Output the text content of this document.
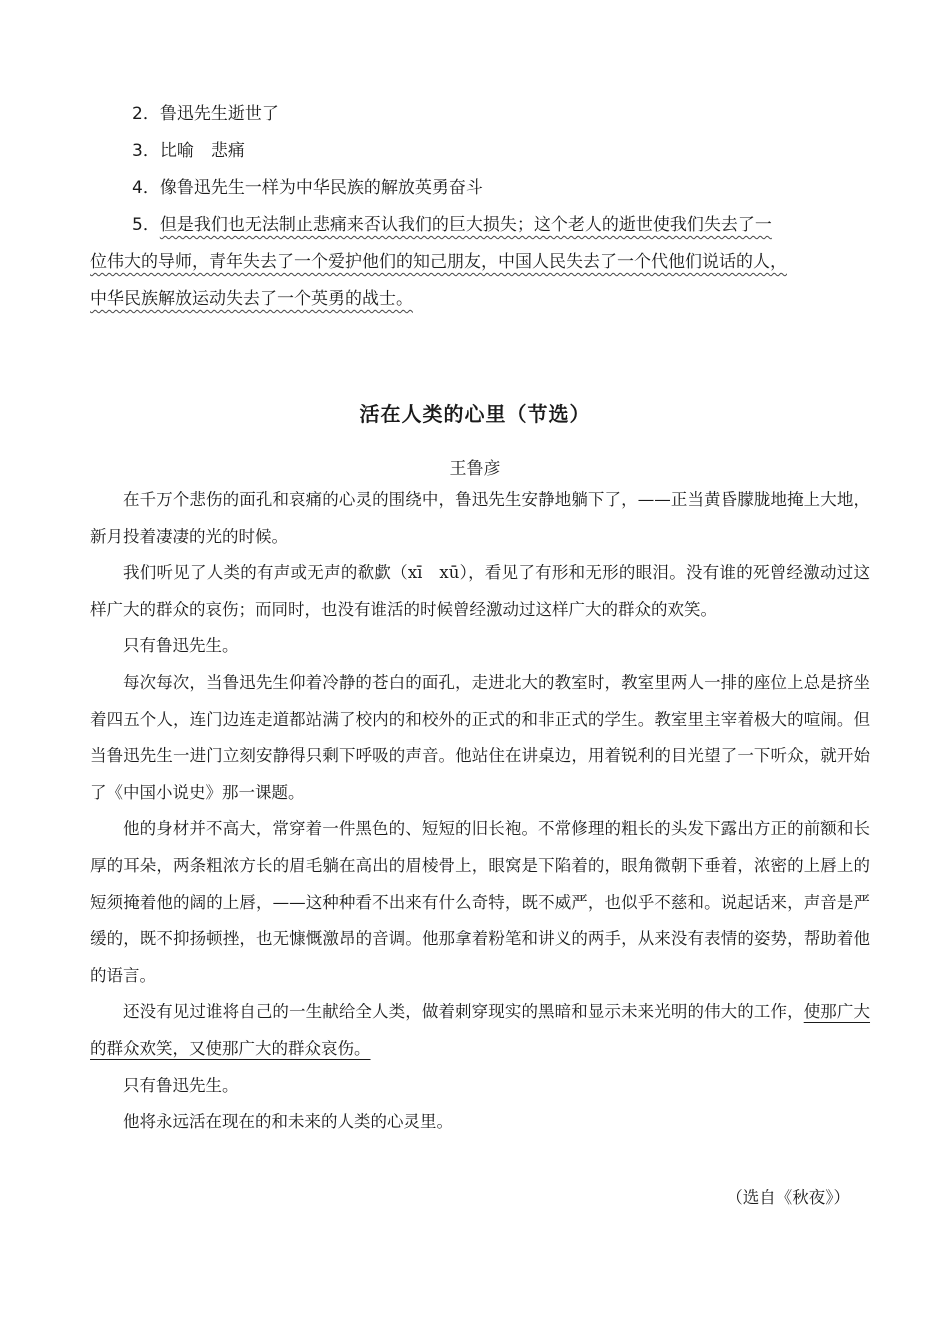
2．鲁迅先生逝世了
3．比喻　悲痛
4．像鲁迅先生一样为中华民族的解放英勇奋斗
5．但是我们也无法制止悲痛来否认我们的巨大损失；这个老人的逝世使我们失去了一
位伟大的导师，青年失去了一个爱护他们的知己朋友，中国人民失去了一个代他们说话的人，
中华民族解放运动失去了一个英勇的战士。
活在人类的心里（节选）
王鲁彦

在千万个悲伤的面孔和哀痛的心灵的围绕中，鲁迅先生安静地躺下了，——正当黄昏朦胧地掩上大地，新月投着凄凄的光的时候。

我们听见了人类的有声或无声的欷歔（xī　xū），看见了有形和无形的眼泪。没有谁的死曾经激动过这样广大的群众的哀伤；而同时，也没有谁活的时候曾经激动过这样广大的群众的欢笑。

只有鲁迅先生。

每次每次，当鲁迅先生仰着冷静的苍白的面孔，走进北大的教室时，教室里两人一排的座位上总是挤坐着四五个人，连门边连走道都站满了校内的和校外的正式的和非正式的学生。教室里主宰着极大的喧闹。但当鲁迅先生一进门立刻安静得只剩下呼吸的声音。他站住在讲桌边，用着锐利的目光望了一下听众，就开始了《中国小说史》那一课题。

他的身材并不高大，常穿着一件黑色的、短短的旧长袍。不常修理的粗长的头发下露出方正的前额和长厚的耳朵，两条粗浓方长的眉毛躺在高出的眉棱骨上，眼窝是下陷着的，眼角微朝下垂着，浓密的上唇上的短须掩着他的阔的上唇，——这种种看不出来有什么奇特，既不威严，也似乎不慈和。说起话来，声音是严缓的，既不抑扬顿挫，也无慷慨激昂的音调。他那拿着粉笔和讲义的两手，从来没有表情的姿势，帮助着他的语言。

还没有见过谁将自己的一生献给全人类，做着刺穿现实的黑暗和显示未来光明的伟大的工作，使那广大的群众欢笑，又使那广大的群众哀伤。

只有鲁迅先生。

他将永远活在现在的和未来的人类的心灵里。

（选自《秋夜》）
